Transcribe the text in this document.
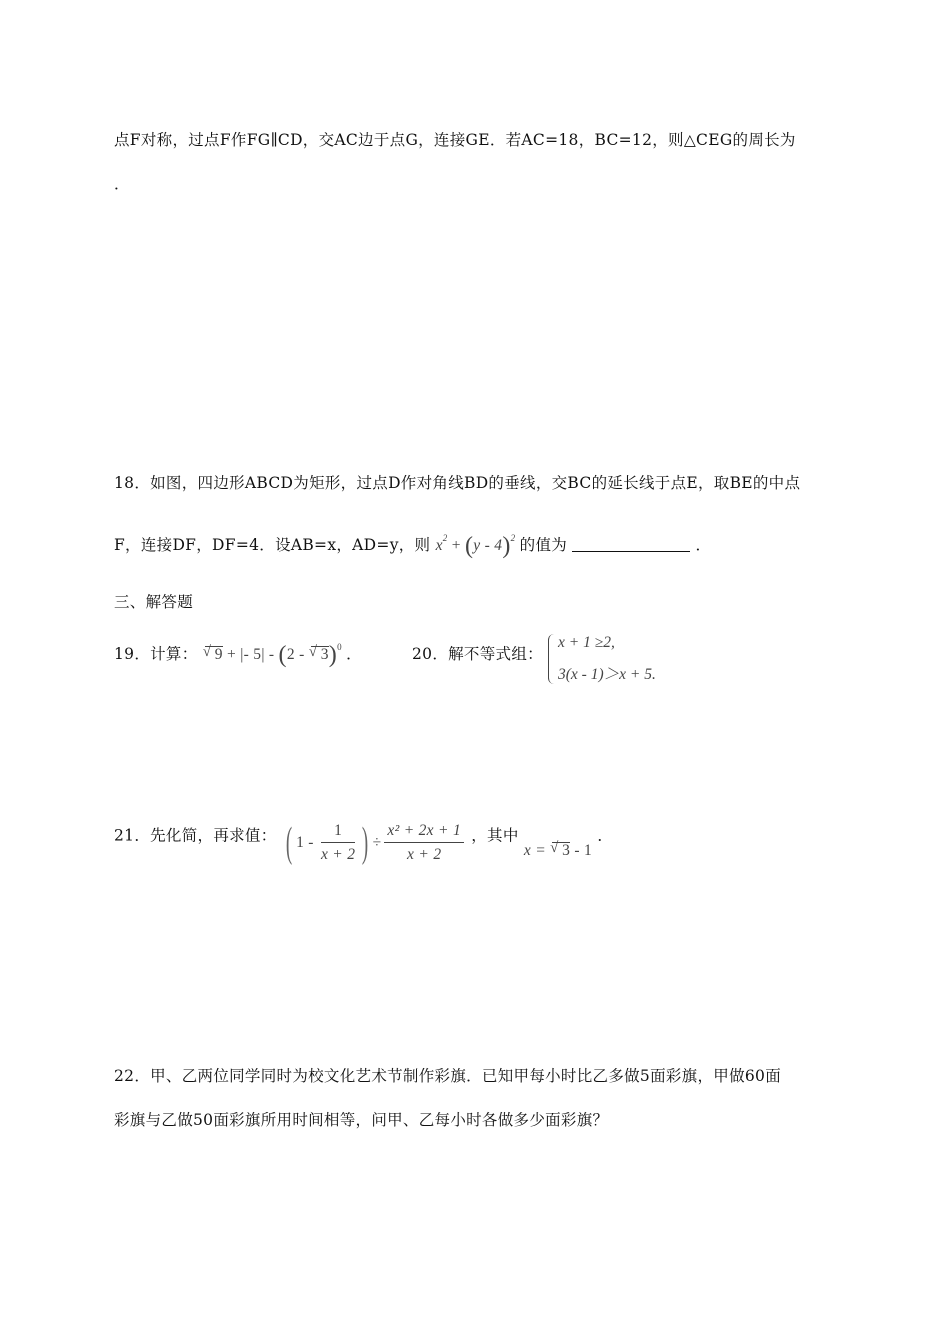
点F对称，过点F作FG∥CD，交AC边于点G，连接GE．若AC=18，BC=12，则△CEG的周长为
．
18．如图，四边形ABCD为矩形，过点D作对角线BD的垂线，交BC的延长线于点E，取BE的中点
F，连接DF，DF=4．设AB=x，AD=y，则 $x^2 + (y - 4)^2$ 的值为	．
三、解答题
19．计算： √ 9 + |- 5| - (2 - √ 3)$^0$ ．	20．解不等式组：
x + 1 ≥2,
3(x - 1)＞x + 5.
21．先化简，再求值： ( $1 - \frac{1}{x + 2}$ ) ÷ $\frac{\text{x² + 2x + 1}}{x + 2}$ ，其中 x = √ 3 - 1 ．
22．甲、乙两位同学同时为校文化艺术节制作彩旗．已知甲每小时比乙多做5面彩旗，甲做60面
彩旗与乙做50面彩旗所用时间相等，问甲、乙每小时各做多少面彩旗？
